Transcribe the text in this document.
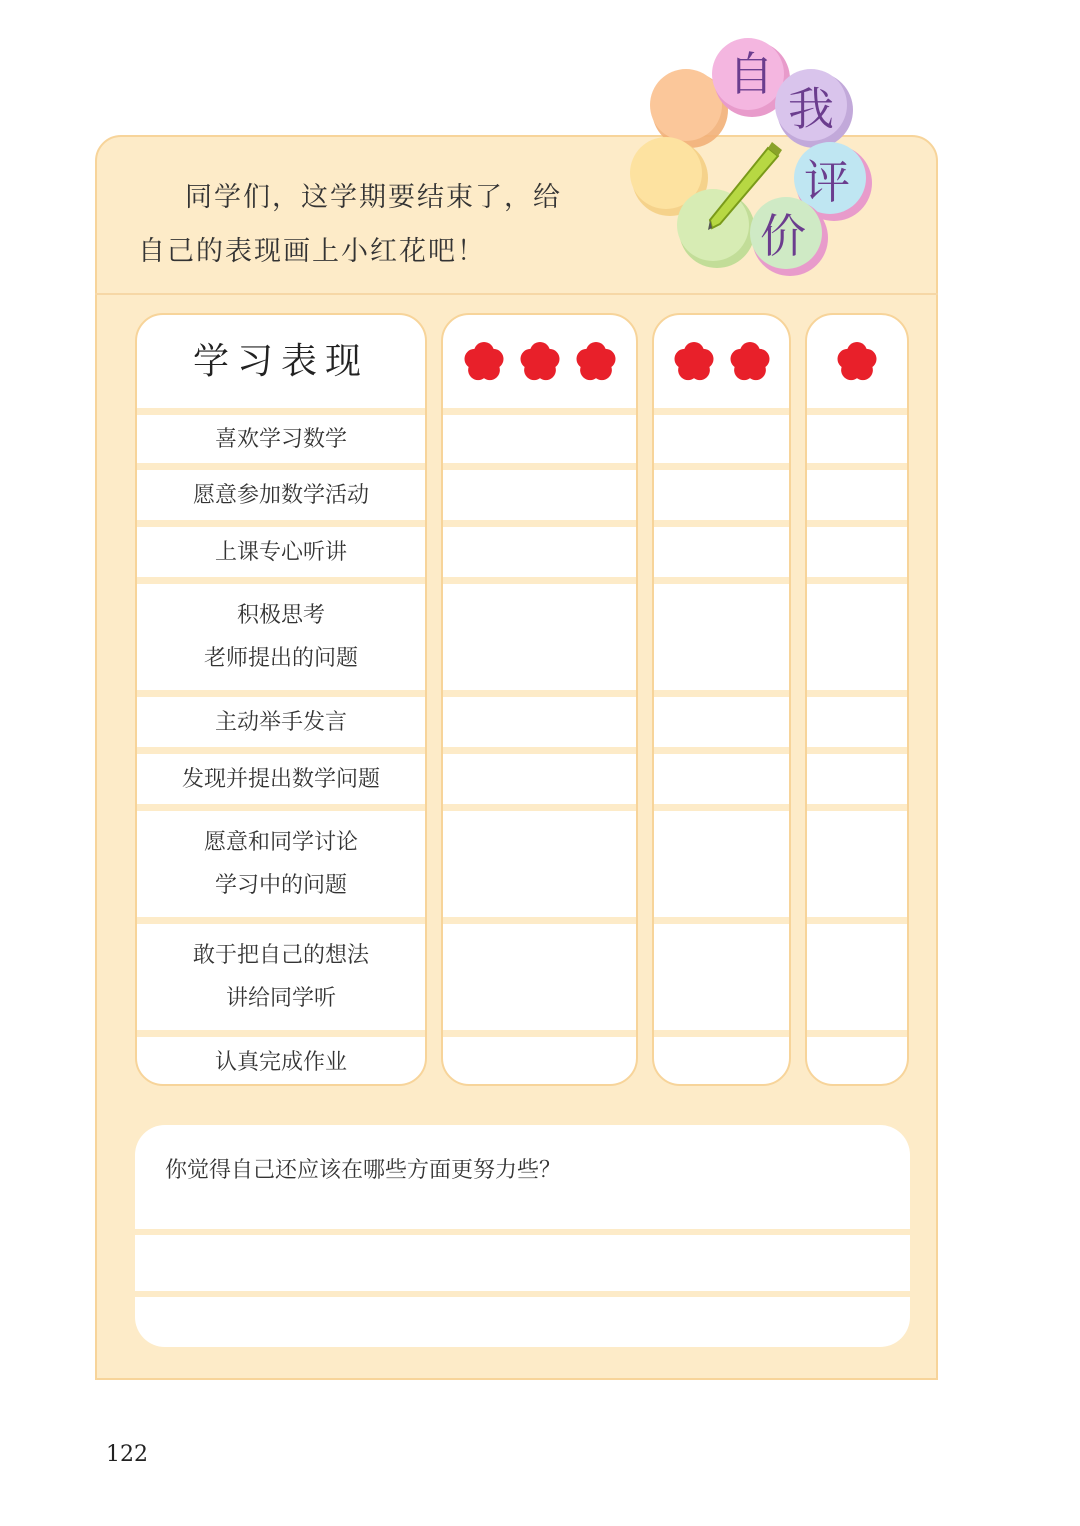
同学们，这学期要结束了，给
自己的表现画上小红花吧！
自
我
评
价
学习表现
喜欢学习数学
愿意参加数学活动
上课专心听讲
积极思考
老师提出的问题
主动举手发言
发现并提出数学问题
愿意和同学讨论
学习中的问题
敢于把自己的想法
讲给同学听
认真完成作业
你觉得自己还应该在哪些方面更努力些？
122
